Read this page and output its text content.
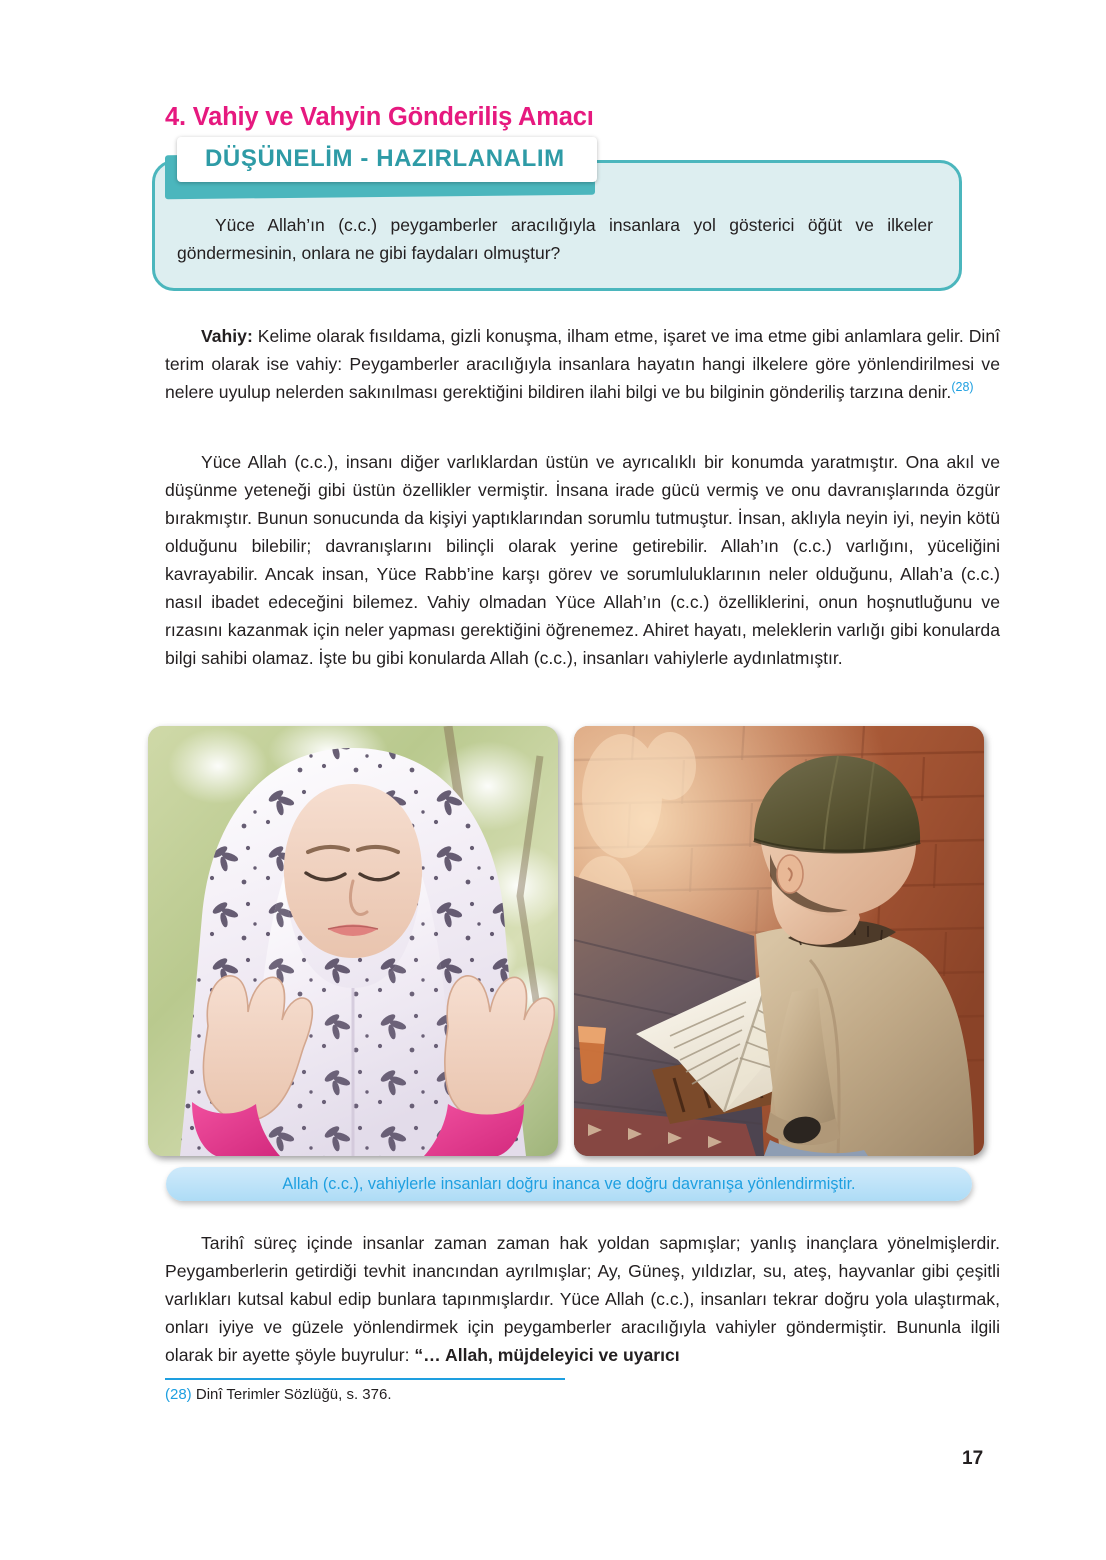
4. Vahiy ve Vahyin Gönderiliş Amacı
DÜŞÜNELİM - HAZIRLANALIM

Yüce Allah’ın (c.c.) peygamberler aracılığıyla insanlara yol gösterici öğüt ve ilkeler göndermesinin, onlara ne gibi faydaları olmuştur?

Vahiy: Kelime olarak fısıldama, gizli konuşma, ilham etme, işaret ve ima etme gibi anlamlara gelir. Dinî terim olarak ise vahiy: Peygamberler aracılığıyla insanlara hayatın hangi ilkelere göre yönlendirilmesi ve nelere uyulup nelerden sakınılması gerektiğini bildiren ilahi bilgi ve bu bilginin gönderiliş tarzına denir.$^{(28)}$

Yüce Allah (c.c.), insanı diğer varlıklardan üstün ve ayrıcalıklı bir konumda yaratmıştır. Ona akıl ve düşünme yeteneği gibi üstün özellikler vermiştir. İnsana irade gücü vermiş ve onu davranışlarında özgür bırakmıştır. Bunun sonucunda da kişiyi yaptıklarından sorumlu tutmuştur. İnsan, aklıyla neyin iyi, neyin kötü olduğunu bilebilir; davranışlarını bilinçli olarak yerine getirebilir. Allah’ın (c.c.) varlığını, yüceliğini kavrayabilir. Ancak insan, Yüce Rabb’ine karşı görev ve sorumluluklarının neler olduğunu, Allah’a (c.c.) nasıl ibadet edeceğini bilemez. Vahiy olmadan Yüce Allah’ın (c.c.) özelliklerini, onun hoşnutluğunu ve rızasını kazanmak için neler yapması gerektiğini öğrenemez. Ahiret hayatı, meleklerin varlığı gibi konularda bilgi sahibi olamaz. İşte bu gibi konularda Allah (c.c.), insanları vahiylerle aydınlatmıştır.

Allah (c.c.), vahiylerle insanları doğru inanca ve doğru davranışa yönlendirmiştir.

Tarihî süreç içinde insanlar zaman zaman hak yoldan sapmışlar; yanlış inançlara yönelmişlerdir. Peygamberlerin getirdiği tevhit inancından ayrılmışlar; Ay, Güneş, yıldızlar, su, ateş, hayvanlar gibi çeşitli varlıkları kutsal kabul edip bunlara tapınmışlardır. Yüce Allah (c.c.), insanları tekrar doğru yola ulaştırmak, onları iyiye ve güzele yönlendirmek için peygamberler aracılığıyla vahiyler göndermiştir. Bununla ilgili olarak bir ayette şöyle buyrulur: “… Allah, müjdeleyici ve uyarıcı

(28) Dinî Terimler Sözlüğü, s. 376.
17
